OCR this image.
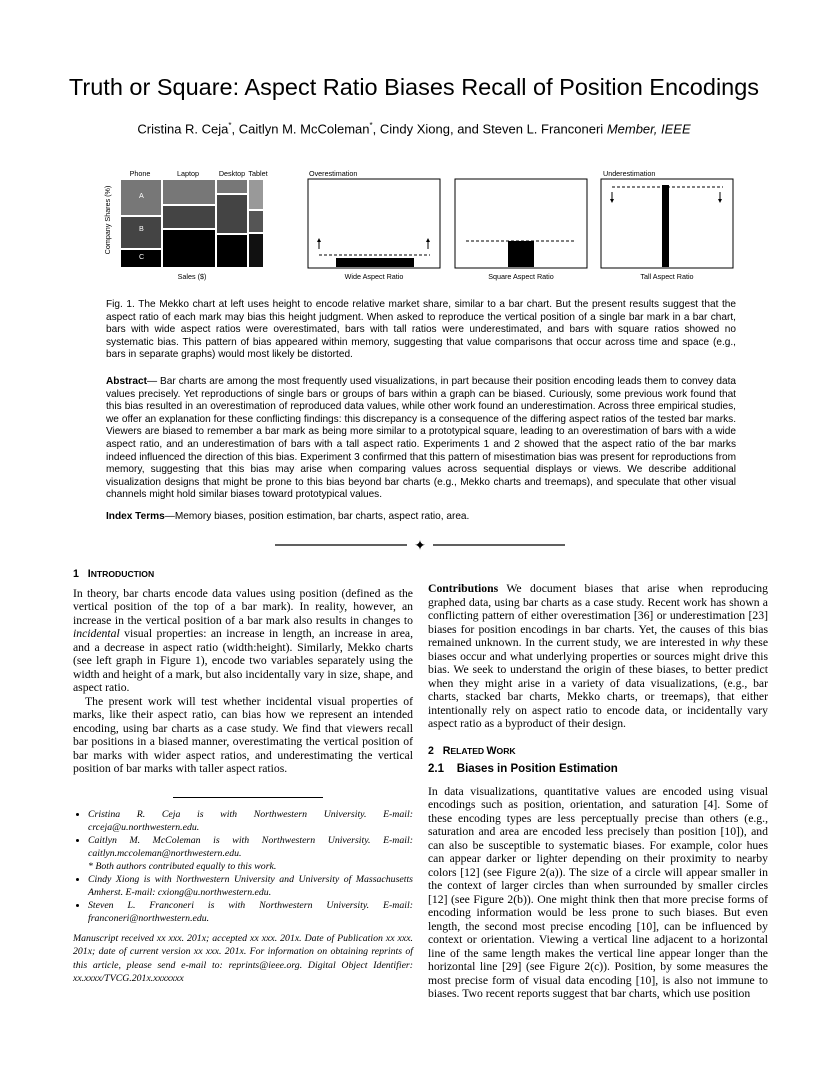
Truth or Square: Aspect Ratio Biases Recall of Position Encodings
Cristina R. Ceja*, Caitlyn M. McColeman*, Cindy Xiong, and Steven L. Franconeri Member, IEEE
Phone	Laptop	Desktop Tablet
Company Shares (%)	A
B
C
Sales ($)
Overestimation
Wide Aspect Ratio	Square Aspect Ratio
Underestimation
Tall Aspect Ratio
Fig. 1. The Mekko chart at left uses height to encode relative market share, similar to a bar chart. But the present results suggest that the aspect ratio of each mark may bias this height judgment. When asked to reproduce the vertical position of a single bar mark in a bar chart, bars with wide aspect ratios were overestimated, bars with tall ratios were underestimated, and bars with square ratios showed no systematic bias. This pattern of bias appeared within memory, suggesting that value comparisons that occur across time and space (e.g., bars in separate graphs) would most likely be distorted.
Abstract— Bar charts are among the most frequently used visualizations, in part because their position encoding leads them to convey data values precisely. Yet reproductions of single bars or groups of bars within a graph can be biased. Curiously, some previous work found that this bias resulted in an overestimation of reproduced data values, while other work found an underestimation. Across three empirical studies, we offer an explanation for these conflicting findings: this discrepancy is a consequence of the differing aspect ratios of the tested bar marks. Viewers are biased to remember a bar mark as being more similar to a prototypical square, leading to an overestimation of bars with a wide aspect ratio, and an underestimation of bars with a tall aspect ratio. Experiments 1 and 2 showed that the aspect ratio of the bar marks indeed influenced the direction of this bias. Experiment 3 confirmed that this pattern of misestimation bias was present for reproductions from memory, suggesting that this bias may arise when comparing values across sequential displays or views. We describe additional visualization designs that might be prone to this bias beyond bar charts (e.g., Mekko charts and treemaps), and speculate that other visual channels might hold similar biases toward prototypical values.
Index Terms—Memory biases, position estimation, bar charts, aspect ratio, area.
✦
1 INTRODUCTION

In theory, bar charts encode data values using position (defined as the vertical position of the top of a bar mark). In reality, however, an increase in the vertical position of a bar mark also results in changes to incidental visual properties: an increase in length, an increase in area, and a decrease in aspect ratio (width:height). Similarly, Mekko charts (see left graph in Figure 1), encode two variables separately using the width and height of a mark, but also incidentally vary in size, shape, and aspect ratio.

The present work will test whether incidental visual properties of marks, like their aspect ratio, can bias how we represent an intended encoding, using bar charts as a case study. We find that viewers recall bar positions in a biased manner, overestimating the vertical position of bar marks with wider aspect ratios, and underestimating the vertical position of bar marks with taller aspect ratios.

• Cristina R. Ceja is with Northwestern University. E-mail: crceja@u.northwestern.edu.
• Caitlyn M. McColeman is with Northwestern University. E-mail: caitlyn.mccoleman@northwestern.edu.
* Both authors contributed equally to this work.
• Cindy Xiong is with Northwestern University and University of Massachusetts Amherst. E-mail: cxiong@u.northwestern.edu.
• Steven L. Franconeri is with Northwestern University. E-mail: franconeri@northwestern.edu.
Manuscript received xx xxx. 201x; accepted xx xxx. 201x. Date of Publication xx xxx. 201x; date of current version xx xxx. 201x. For information on obtaining reprints of this article, please send e-mail to: reprints@ieee.org. Digital Object Identifier: xx.xxxx/TVCG.201x.xxxxxxx

Contributions We document biases that arise when reproducing graphed data, using bar charts as a case study. Recent work has shown a conflicting pattern of either overestimation [36] or underestimation [23] biases for position encodings in bar charts. Yet, the causes of this bias remained unknown. In the current study, we are interested in why these biases occur and what underlying properties or sources might drive this bias. We seek to understand the origin of these biases, to better predict when they might arise in a variety of data visualizations, (e.g., bar charts, stacked bar charts, Mekko charts, or treemaps), that either intentionally rely on aspect ratio to encode data, or incidentally vary aspect ratio as a byproduct of their design.

2 RELATED WORK
2.1    Biases in Position Estimation

In data visualizations, quantitative values are encoded using visual encodings such as position, orientation, and saturation [4]. Some of these encoding types are less perceptually precise than others (e.g., saturation and area are encoded less precisely than position [10]), and can also be susceptible to systematic biases. For example, color hues can appear darker or lighter depending on their proximity to nearby colors [12] (see Figure 2(a)). The size of a circle will appear smaller in the context of larger circles than when surrounded by smaller circles [12] (see Figure 2(b)). One might think then that more precise forms of encoding information would be less prone to such biases. But even length, the second most precise encoding [10], can be influenced by context or orientation. Viewing a vertical line adjacent to a horizontal line of the same length makes the vertical line appear longer than the horizontal line [29] (see Figure 2(c)). Position, by some measures the most precise form of visual data encoding [10], is also not immune to biases. Two recent reports suggest that bar charts, which use position
